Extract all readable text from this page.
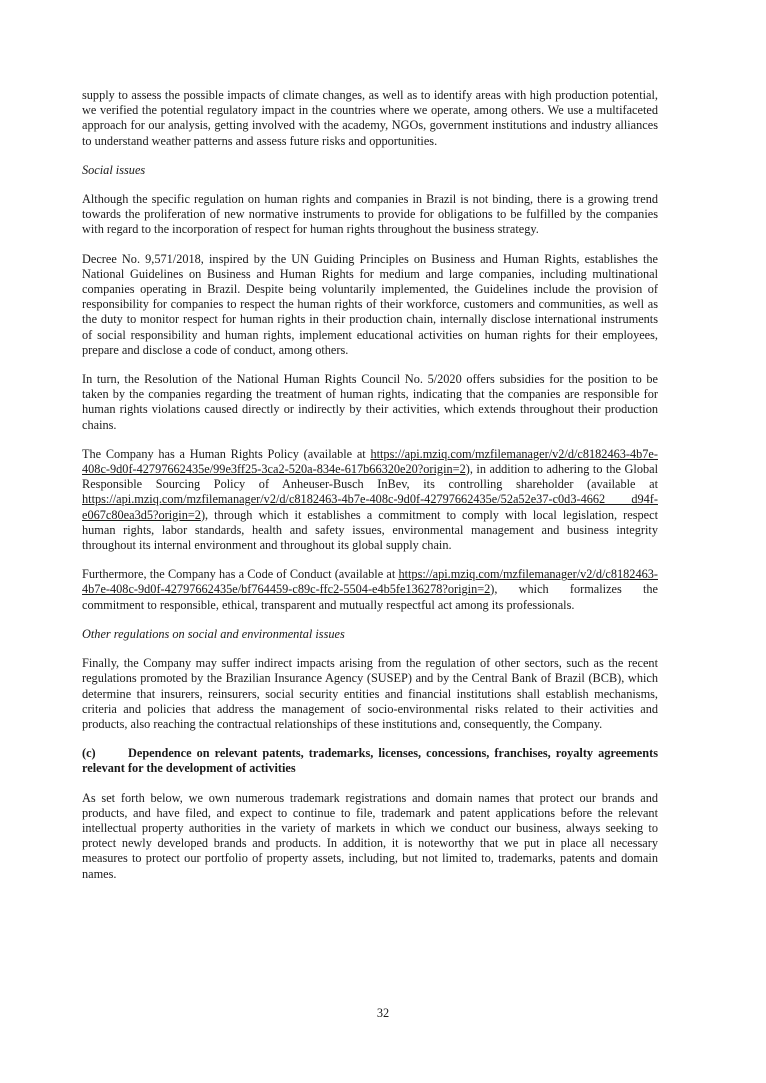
supply to assess the possible impacts of climate changes, as well as to identify areas with high production potential, we verified the potential regulatory impact in the countries where we operate, among others. We use a multifaceted approach for our analysis, getting involved with the academy, NGOs, government institutions and industry alliances to understand weather patterns and assess future risks and opportunities.

Social issues

Although the specific regulation on human rights and companies in Brazil is not binding, there is a growing trend towards the proliferation of new normative instruments to provide for obligations to be fulfilled by the companies with regard to the incorporation of respect for human rights throughout the business strategy.

Decree No. 9,571/2018, inspired by the UN Guiding Principles on Business and Human Rights, establishes the National Guidelines on Business and Human Rights for medium and large companies, including multinational companies operating in Brazil. Despite being voluntarily implemented, the Guidelines include the provision of responsibility for companies to respect the human rights of their workforce, customers and communities, as well as the duty to monitor respect for human rights in their production chain, internally disclose international instruments of social responsibility and human rights, implement educational activities on human rights for their employees, prepare and disclose a code of conduct, among others.

In turn, the Resolution of the National Human Rights Council No. 5/2020 offers subsidies for the position to be taken by the companies regarding the treatment of human rights, indicating that the companies are responsible for human rights violations caused directly or indirectly by their activities, which extends throughout their production chains.

The Company has a Human Rights Policy (available at https://api.mziq.com/mzfilemanager/v2/d/c8182463-4b7e-408c-9d0f-42797662435e/99e3ff25-3ca2-520a-834e-617b66320e20?origin=2), in addition to adhering to the Global Responsible Sourcing Policy of Anheuser-Busch InBev, its controlling shareholder (available at https://api.mziq.com/mzfilemanager/v2/d/c8182463-4b7e-408c-9d0f-42797662435e/52a52e37-c0d3-4662 d94f-e067c80ea3d5?origin=2), through which it establishes a commitment to comply with local legislation, respect human rights, labor standards, health and safety issues, environmental management and business integrity throughout its internal environment and throughout its global supply chain.

Furthermore, the Company has a Code of Conduct (available at https://api.mziq.com/mzfilemanager/v2/d/c8182463-4b7e-408c-9d0f-42797662435e/bf764459-c89c-ffc2-5504-e4b5fe136278?origin=2), which formalizes the commitment to responsible, ethical, transparent and mutually respectful act among its professionals.

Other regulations on social and environmental issues

Finally, the Company may suffer indirect impacts arising from the regulation of other sectors, such as the recent regulations promoted by the Brazilian Insurance Agency (SUSEP) and by the Central Bank of Brazil (BCB), which determine that insurers, reinsurers, social security entities and financial institutions shall establish mechanisms, criteria and policies that address the management of socio-environmental risks related to their activities and products, also reaching the contractual relationships of these institutions and, consequently, the Company.

(c)	Dependence on relevant patents, trademarks, licenses, concessions, franchises, royalty agreements relevant for the development of activities

As set forth below, we own numerous trademark registrations and domain names that protect our brands and products, and have filed, and expect to continue to file, trademark and patent applications before the relevant intellectual property authorities in the variety of markets in which we conduct our business, always seeking to protect newly developed brands and products. In addition, it is noteworthy that we put in place all necessary measures to protect our portfolio of property assets, including, but not limited to, trademarks, patents and domain names.

32
